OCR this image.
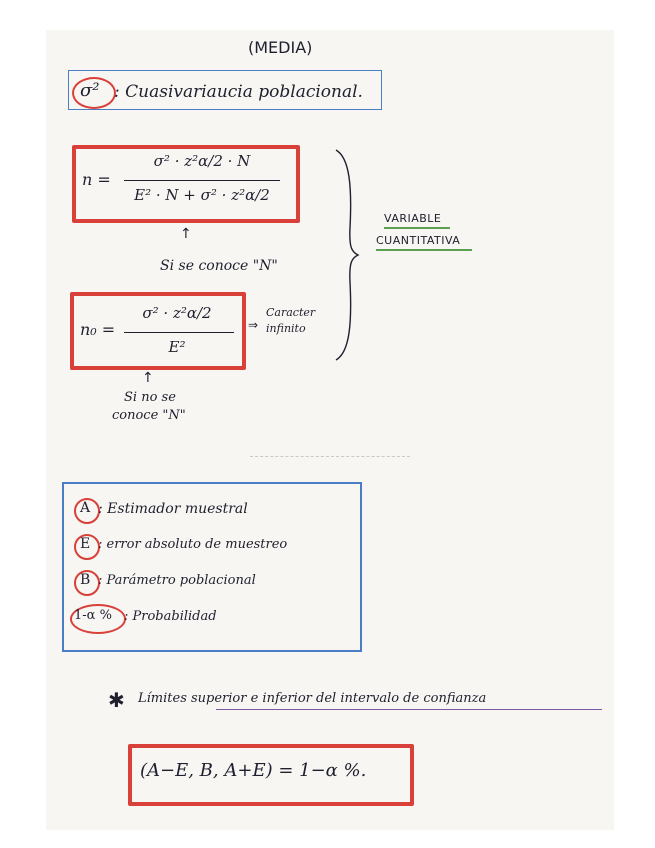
(MEDIA)
σ² : Cuasivariaucia poblacional.
n =
σ² · z²α/2 · N
E² · N + σ² · z²α/2
↑
Si se conoce "N"
n₀ =
σ² · z²α/2
E²
⇒
Caracter
infinito
↑
Si no se
conoce "N"
VARIABLE
CUANTITATIVA
A : Estimador muestral
E : error absoluto de muestreo
B : Parámetro poblacional
1-α % : Probabilidad
✱ Límites superior e inferior del intervalo de confianza
(A−E, B, A+E) = 1−α %.
